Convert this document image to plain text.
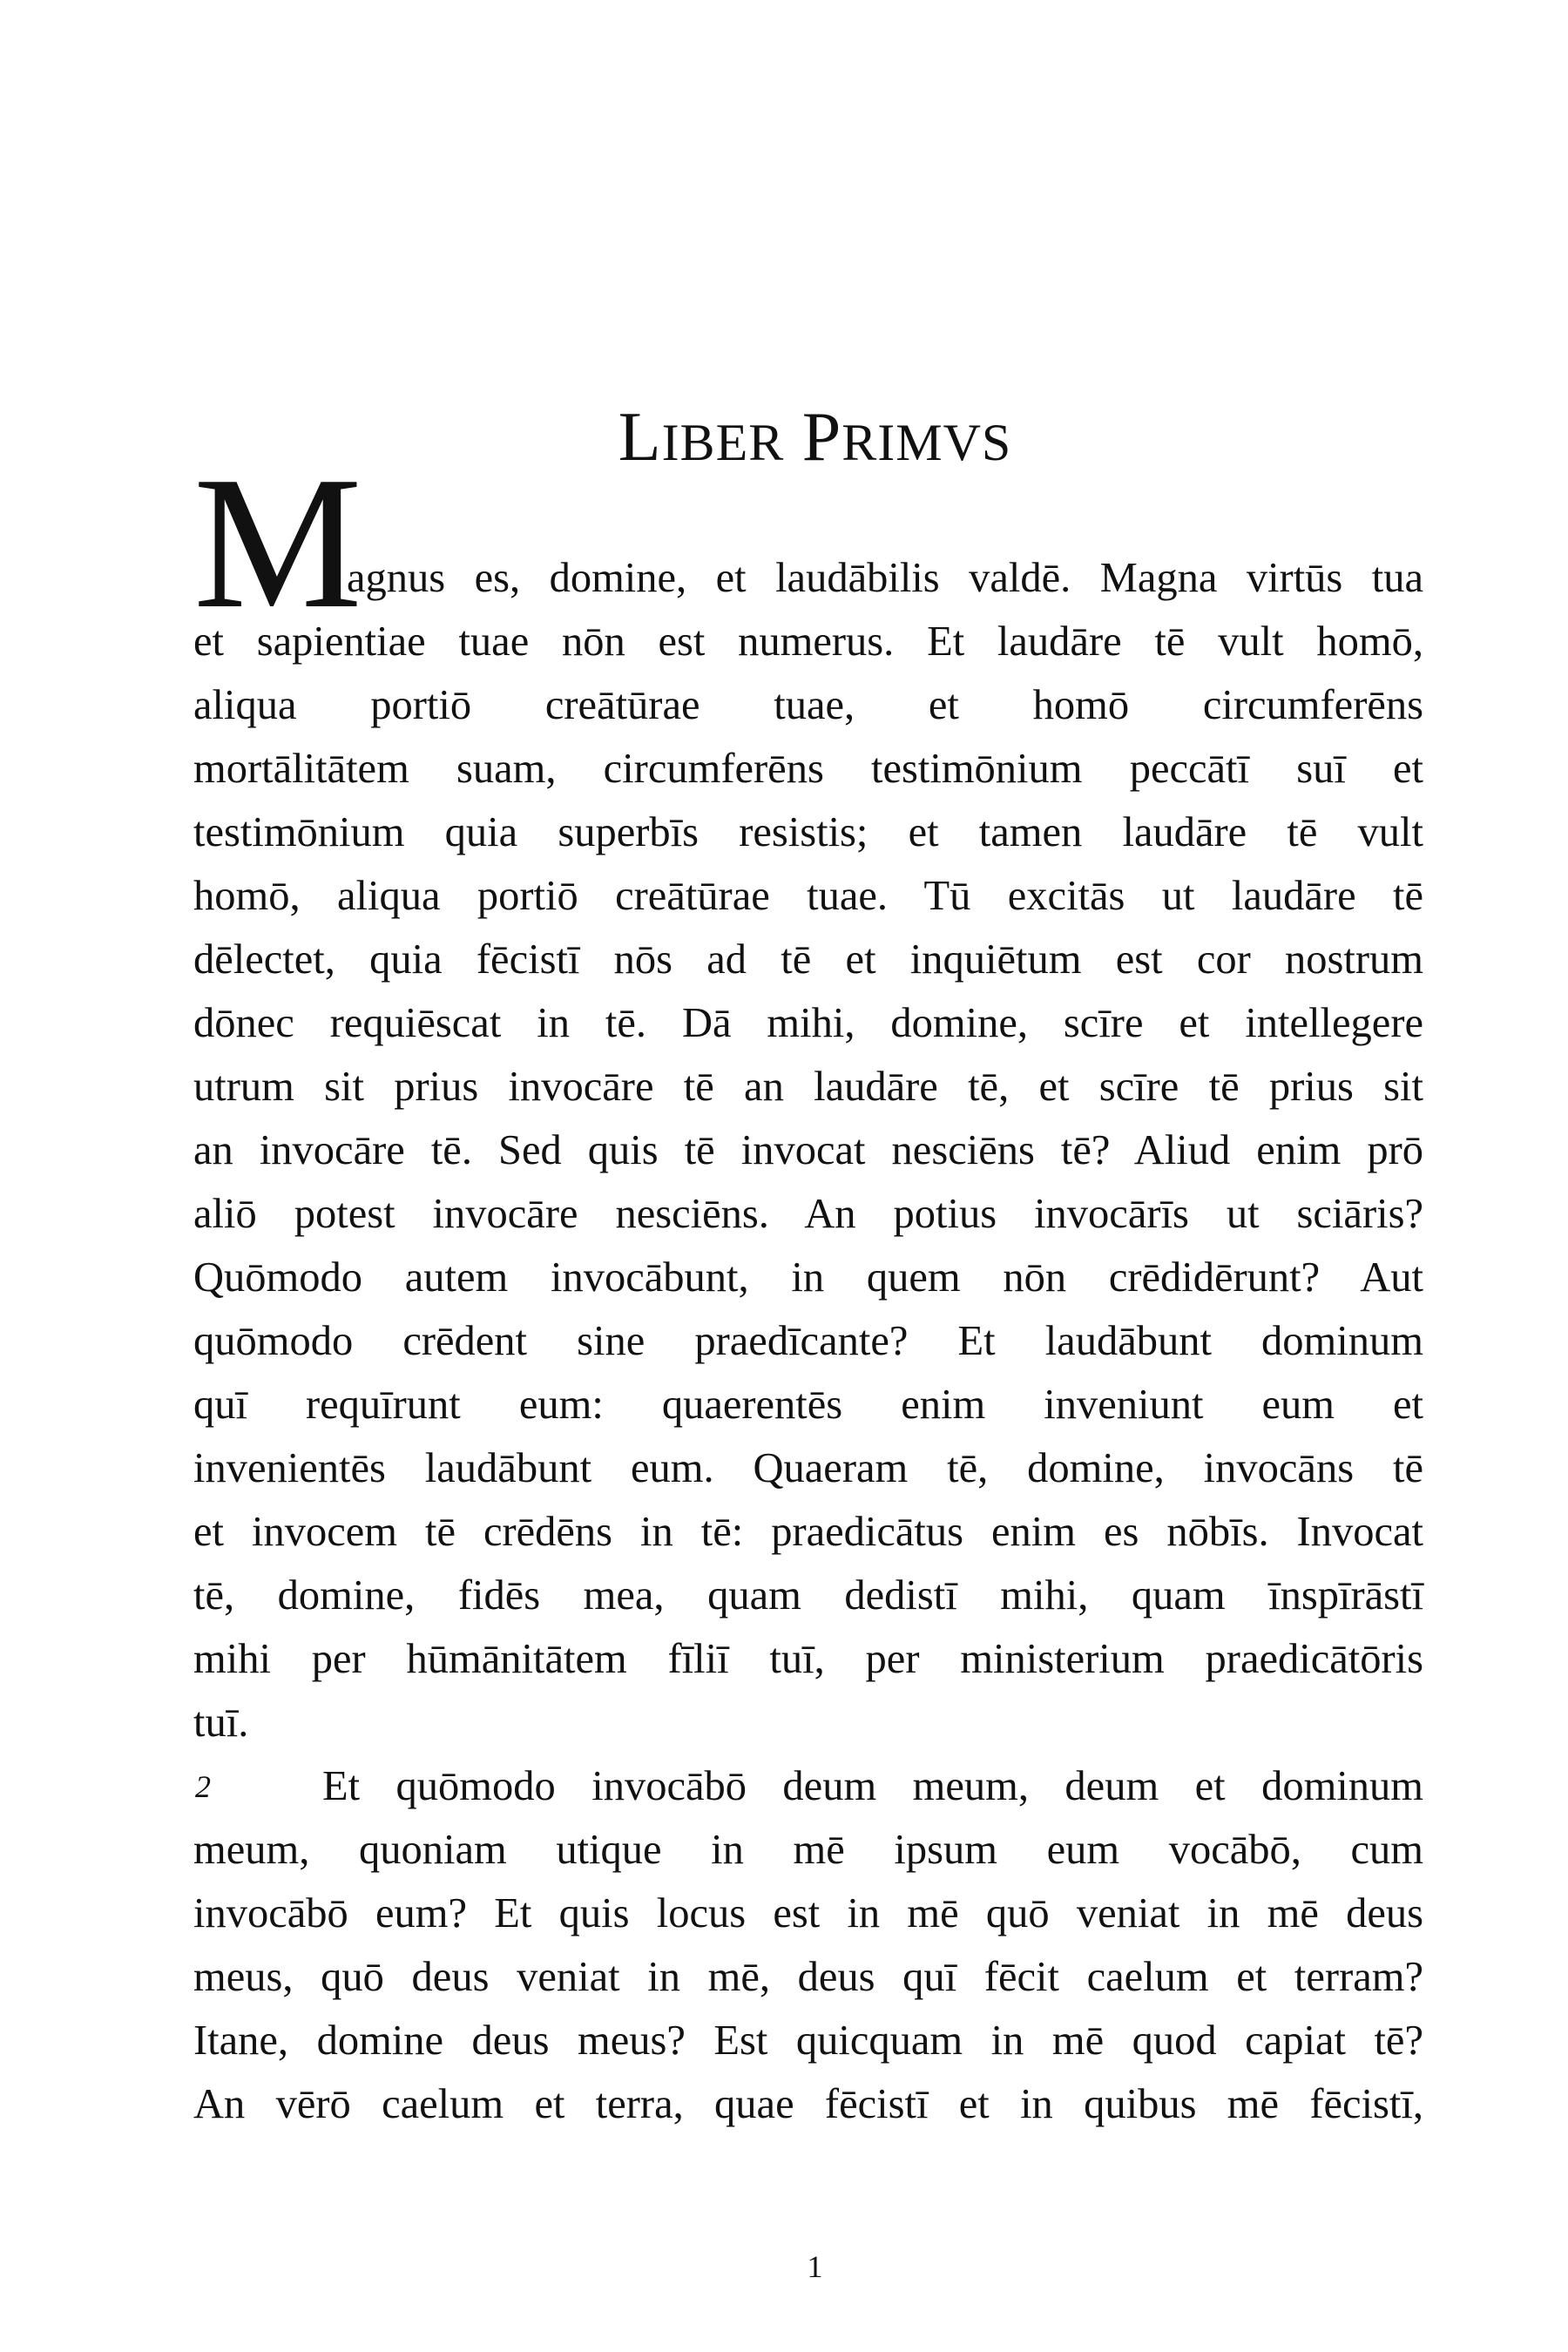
LIBER PRIMVS
M
agnus es, domine, et laudābilis valdē. Magna virtūs tua
et sapientiae tuae nōn est numerus. Et laudāre tē vult homō,
aliqua portiō creātūrae tuae, et homō circumferēns
mortālitātem suam, circumferēns testimōnium peccātī suī et
testimōnium quia superbīs resistis; et tamen laudāre tē vult
homō, aliqua portiō creātūrae tuae. Tū excitās ut laudāre tē
dēlectet, quia fēcistī nōs ad tē et inquiētum est cor nostrum
dōnec requiēscat in tē. Dā mihi, domine, scīre et intellegere
utrum sit prius invocāre tē an laudāre tē, et scīre tē prius sit
an invocāre tē. Sed quis tē invocat nesciēns tē? Aliud enim prō
aliō potest invocāre nesciēns. An potius invocārīs ut sciāris?
Quōmodo autem invocābunt, in quem nōn crēdidērunt? Aut
quōmodo crēdent sine praedīcante? Et laudābunt dominum
quī requīrunt eum: quaerentēs enim inveniunt eum et
invenientēs laudābunt eum. Quaeram tē, domine, invocāns tē
et invocem tē crēdēns in tē: praedicātus enim es nōbīs. Invocat
tē, domine, fidēs mea, quam dedistī mihi, quam īnspīrāstī
mihi per hūmānitātem fīliī tuī, per ministerium praedicātōris
tuī.
2	Et quōmodo invocābō deum meum, deum et dominum
meum, quoniam utique in mē ipsum eum vocābō, cum
invocābō eum? Et quis locus est in mē quō veniat in mē deus
meus, quō deus veniat in mē, deus quī fēcit caelum et terram?
Itane, domine deus meus? Est quicquam in mē quod capiat tē?
An vērō caelum et terra, quae fēcistī et in quibus mē fēcistī,
1
